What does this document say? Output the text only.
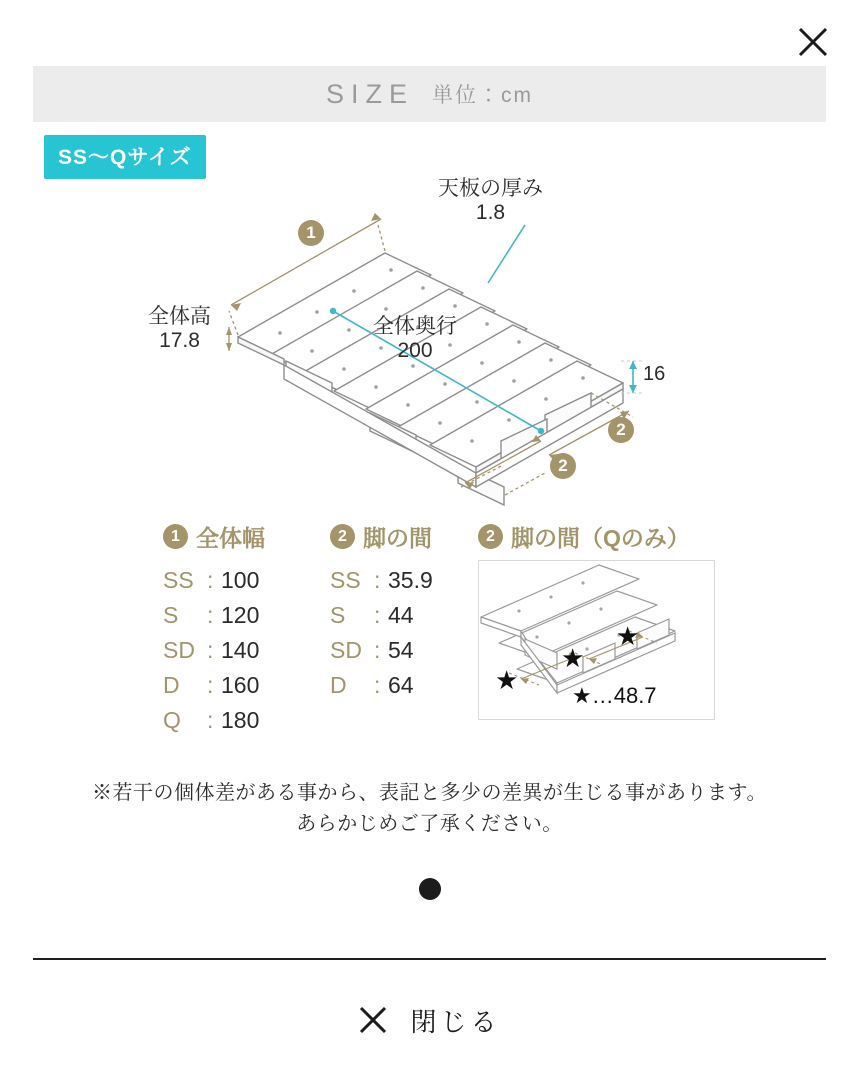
SIZE 単位：cm
SS〜Qサイズ
天板の厚み
1.8
全体高
17.8
全体奥行
200
16
1
2
2
1 全体幅
SS : 100
S	: 120
SD : 140
D	: 160
Q	: 180
2 脚の間
SS : 35.9
S	: 44
SD : 54
D	: 64
2 脚の間（Qのみ）
★
★
★
★…48.7
※若干の個体差がある事から、表記と多少の差異が生じる事があります。
あらかじめご了承ください。
閉じる
